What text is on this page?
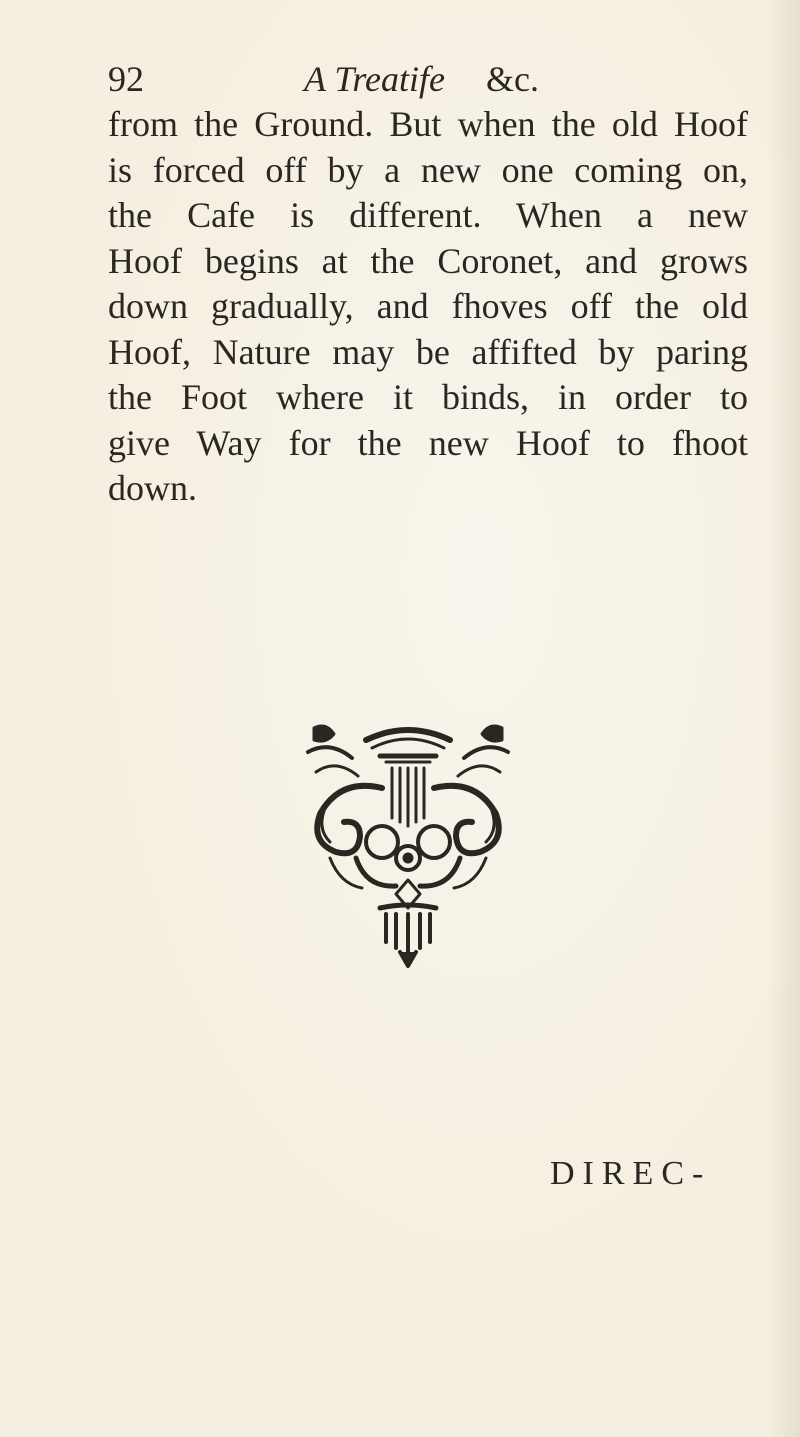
92	A Treatife &c.
from the Ground. But when the old Hoof
is forced off by a new one coming on,
the Cafe is different. When a new
Hoof begins at the Coronet, and grows
down gradually, and fhoves off the old
Hoof, Nature may be affifted by paring
the Foot where it binds, in order to
give Way for the new Hoof to fhoot
down.
DIREC-
